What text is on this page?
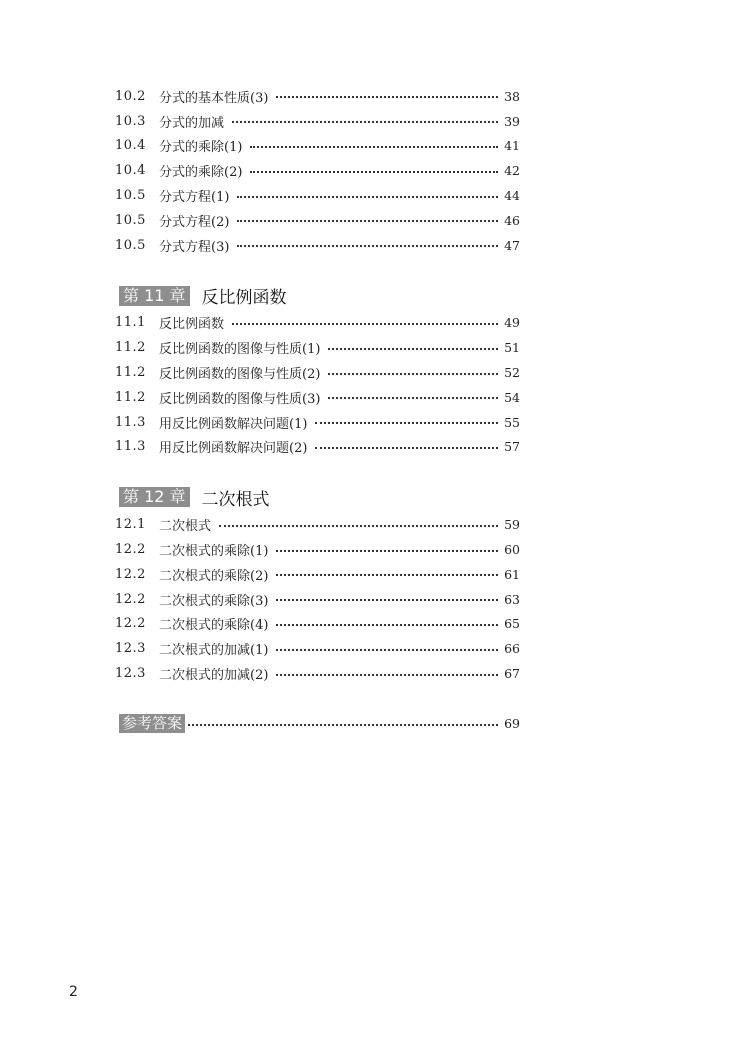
10.2	分式的基本性质(3)	38
10.3	分式的加减	39
10.4	分式的乘除(1)	41
10.4	分式的乘除(2)	42
10.5	分式方程(1)	44
10.5	分式方程(2)	46
10.5	分式方程(3)	47
第 11 章 反比例函数
11.1	反比例函数	49
11.2	反比例函数的图像与性质(1)	51
11.2	反比例函数的图像与性质(2)	52
11.2	反比例函数的图像与性质(3)	54
11.3	用反比例函数解决问题(1)	55
11.3	用反比例函数解决问题(2)	57
第 12 章 二次根式
12.1	二次根式	59
12.2	二次根式的乘除(1)	60
12.2	二次根式的乘除(2)	61
12.2	二次根式的乘除(3)	63
12.2	二次根式的乘除(4)	65
12.3	二次根式的加减(1)	66
12.3	二次根式的加减(2)	67
参考答案	69
2
